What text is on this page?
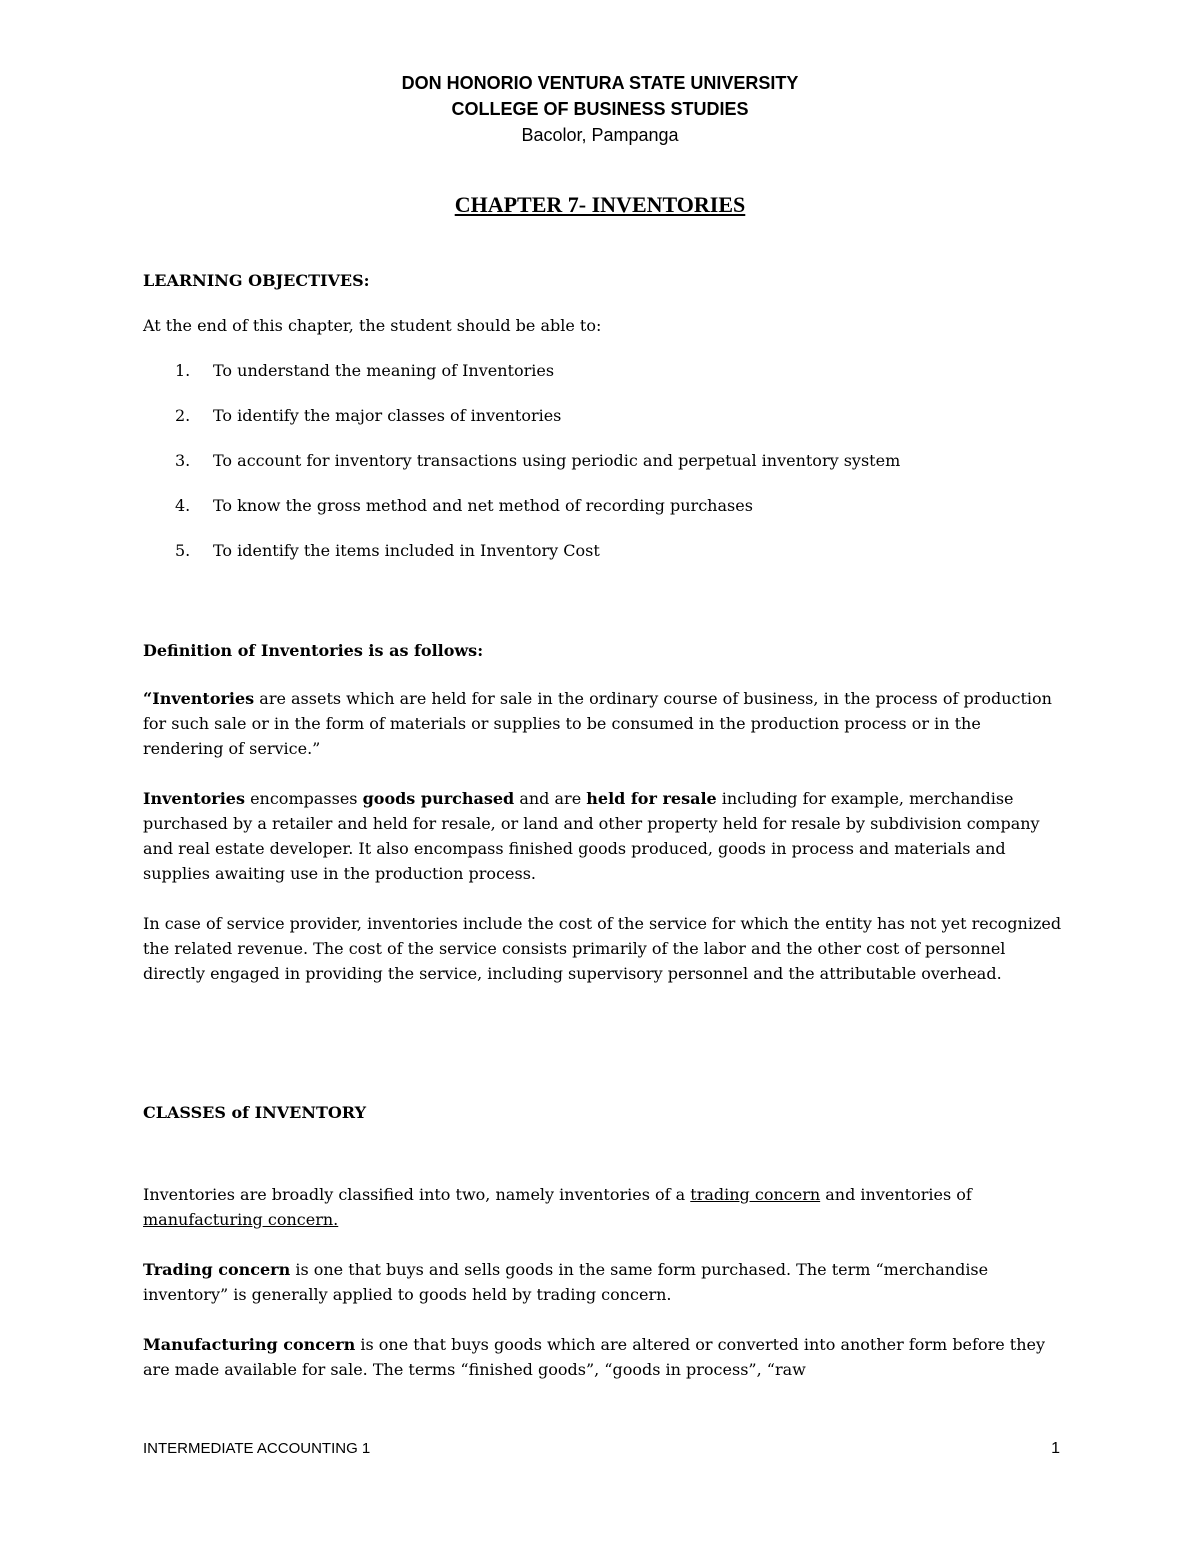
DON HONORIO VENTURA STATE UNIVERSITY
COLLEGE OF BUSINESS STUDIES
Bacolor, Pampanga
CHAPTER 7- INVENTORIES
LEARNING OBJECTIVES:

At the end of this chapter, the student should be able to:

1. To understand the meaning of Inventories
2. To identify the major classes of inventories
3. To account for inventory transactions using periodic and perpetual inventory system
4. To know the gross method and net method of recording purchases
5. To identify the items included in Inventory Cost
Definition of Inventories is as follows:

“Inventories are assets which are held for sale in the ordinary course of business, in the process of production for such sale or in the form of materials or supplies to be consumed in the production process or in the rendering of service.”

Inventories encompasses goods purchased and are held for resale including for example, merchandise purchased by a retailer and held for resale, or land and other property held for resale by subdivision company and real estate developer. It also encompass finished goods produced, goods in process and materials and supplies awaiting use in the production process.

In case of service provider, inventories include the cost of the service for which the entity has not yet recognized the related revenue. The cost of the service consists primarily of the labor and the other cost of personnel directly engaged in providing the service, including supervisory personnel and the attributable overhead.

CLASSES of INVENTORY

Inventories are broadly classified into two, namely inventories of a trading concern and inventories of manufacturing concern.

Trading concern is one that buys and sells goods in the same form purchased. The term “merchandise inventory” is generally applied to goods held by trading concern.

Manufacturing concern is one that buys goods which are altered or converted into another form before they are made available for sale. The terms “finished goods”, “goods in process”, “raw

INTERMEDIATE ACCOUNTING 1	1
